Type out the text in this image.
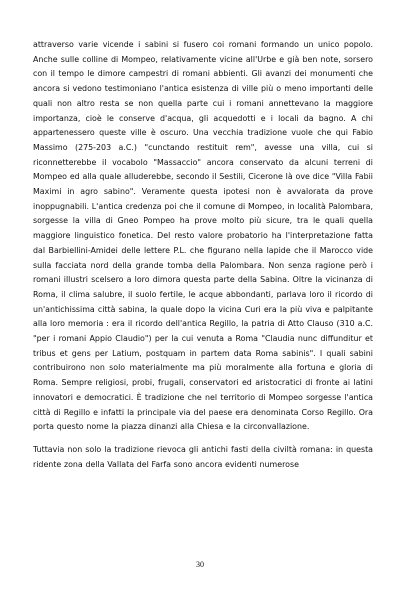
attraverso varie vicende i sabini si fusero coi romani formando un unico popolo. Anche sulle colline di Mompeo, relativamente vicine all'Urbe e già ben note, sorsero con il tempo le dimore campestri di romani abbienti. Gli avanzi dei monumenti che ancora si vedono testimoniano l'antica esistenza di ville più o meno importanti delle quali non altro resta se non quella parte cui i romani annettevano la maggiore importanza, cioè le conserve d'acqua, gli acquedotti e i locali da bagno. A chi appartenessero queste ville è oscuro. Una vecchia tradizione vuole che qui Fabio Massimo (275-203 a.C.) "cunctando restituit rem", avesse una villa, cui si riconnetterebbe il vocabolo "Massaccio" ancora conservato da alcuni terreni di Mompeo ed alla quale alluderebbe, secondo il Sestili, Cicerone là ove dice "Villa Fabii Maximi in agro sabino". Veramente questa ipotesi non è avvalorata da prove inoppugnabili. L'antica credenza poi che il comune di Mompeo, in località Palombara, sorgesse la villa di Gneo Pompeo ha prove molto più sicure, tra le quali quella maggiore linguistico fonetica. Del resto valore probatorio ha l'interpretazione fatta dal Barbiellini-Amidei delle lettere P.L. che figurano nella lapide che il Marocco vide sulla facciata nord della grande tomba della Palombara. Non senza ragione però i romani illustri scelsero a loro dimora questa parte della Sabina. Oltre la vicinanza di Roma, il clima salubre, il suolo fertile, le acque abbondanti, parlava loro il ricordo di un'antichissima città sabina, la quale dopo la vicina Curi era la più viva e palpitante alla loro memoria : era il ricordo dell'antica Regillo, la patria di Atto Clauso (310 a.C. "per i romani Appio Claudio") per la cui venuta a Roma "Claudia nunc diffunditur et tribus et gens per Latium, postquam in partem data Roma sabinis". I quali sabini contribuirono non solo materialmente ma più moralmente alla fortuna e gloria di Roma. Sempre religiosi, probi, frugali, conservatori ed aristocratici di fronte ai latini innovatori e democratici. È tradizione che nel territorio di Mompeo sorgesse l'antica città di Regillo e infatti la principale via del paese era denominata Corso Regillo. Ora porta questo nome la piazza dinanzi alla Chiesa e la circonvallazione.

Tuttavia non solo la tradizione rievoca gli antichi fasti della civiltà romana: in questa ridente zona della Vallata del Farfa sono ancora evidenti numerose

30
